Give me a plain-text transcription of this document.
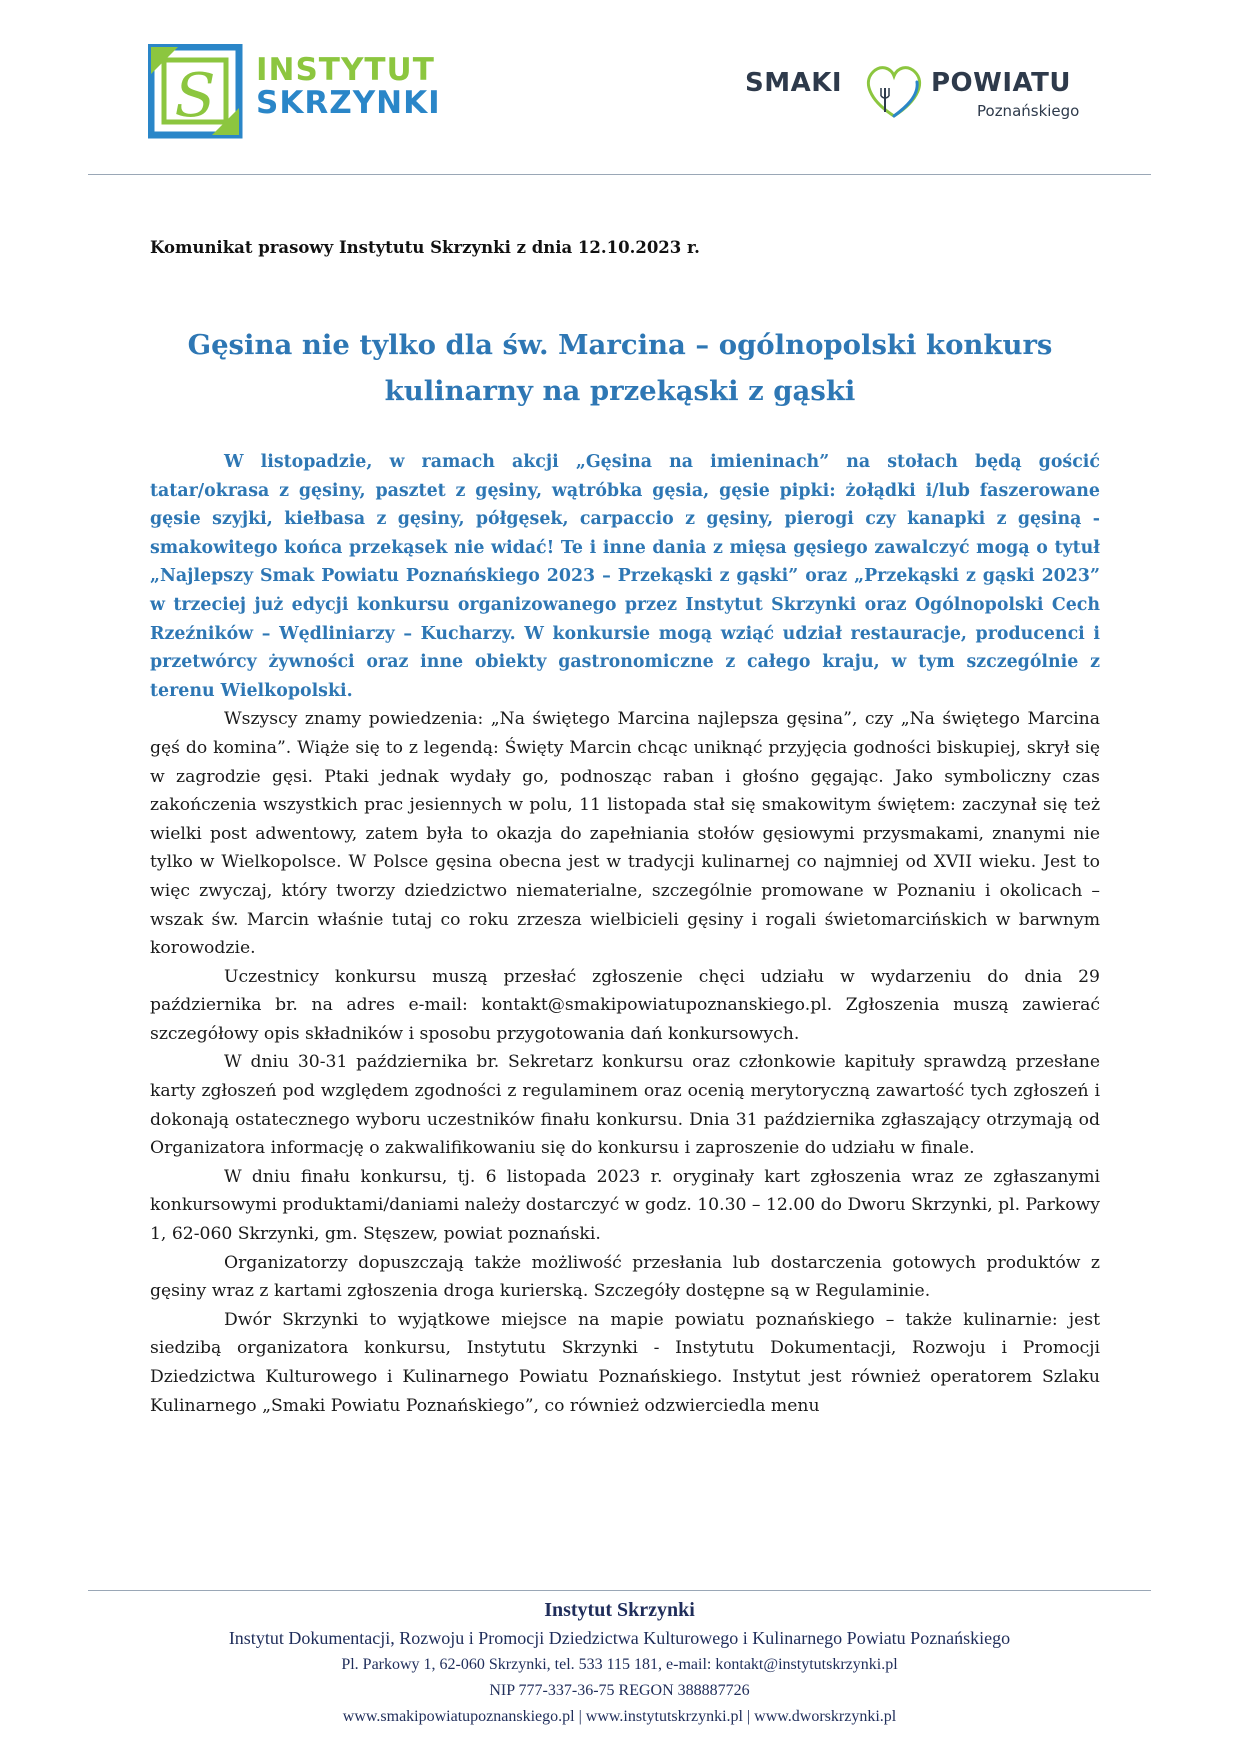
S INSTYTUT
SKRZYNKI
SMAKI	POWIATU
Poznańskiego
Komunikat prasowy Instytutu Skrzynki z dnia 12.10.2023 r.
Gęsina nie tylko dla św. Marcina – ogólnopolski konkurs kulinarny na przekąski z gąski

W listopadzie, w ramach akcji „Gęsina na imieninach” na stołach będą gościć tatar/okrasa z gęsiny, pasztet z gęsiny, wątróbka gęsia, gęsie pipki: żołądki i/lub faszerowane gęsie szyjki, kiełbasa z gęsiny, półgęsek, carpaccio z gęsiny, pierogi czy kanapki z gęsiną - smakowitego końca przekąsek nie widać! Te i inne dania z mięsa gęsiego zawalczyć mogą o tytuł „Najlepszy Smak Powiatu Poznańskiego 2023 – Przekąski z gąski” oraz „Przekąski z gąski 2023” w trzeciej już edycji konkursu organizowanego przez Instytut Skrzynki oraz Ogólnopolski Cech Rzeźników – Wędliniarzy – Kucharzy. W konkursie mogą wziąć udział restauracje, producenci i przetwórcy żywności oraz inne obiekty gastronomiczne z całego kraju, w tym szczególnie z terenu Wielkopolski.

Wszyscy znamy powiedzenia: „Na świętego Marcina najlepsza gęsina”, czy „Na świętego Marcina gęś do komina”. Wiąże się to z legendą: Święty Marcin chcąc uniknąć przyjęcia godności biskupiej, skrył się w zagrodzie gęsi. Ptaki jednak wydały go, podnosząc raban i głośno gęgając. Jako symboliczny czas zakończenia wszystkich prac jesiennych w polu, 11 listopada stał się smakowitym świętem: zaczynał się też wielki post adwentowy, zatem była to okazja do zapełniania stołów gęsiowymi przysmakami, znanymi nie tylko w Wielkopolsce. W Polsce gęsina obecna jest w tradycji kulinarnej co najmniej od XVII wieku. Jest to więc zwyczaj, który tworzy dziedzictwo niematerialne, szczególnie promowane w Poznaniu i okolicach – wszak św. Marcin właśnie tutaj co roku zrzesza wielbicieli gęsiny i rogali świetomarcińskich w barwnym korowodzie.

Uczestnicy konkursu muszą przesłać zgłoszenie chęci udziału w wydarzeniu do dnia 29 października br. na adres e-mail: kontakt@smakipowiatupoznanskiego.pl. Zgłoszenia muszą zawierać szczegółowy opis składników i sposobu przygotowania dań konkursowych.

W dniu 30-31 października br. Sekretarz konkursu oraz członkowie kapituły sprawdzą przesłane karty zgłoszeń pod względem zgodności z regulaminem oraz ocenią merytoryczną zawartość tych zgłoszeń i dokonają ostatecznego wyboru uczestników finału konkursu. Dnia 31 października zgłaszający otrzymają od Organizatora informację o zakwalifikowaniu się do konkursu i zaproszenie do udziału w finale.

W dniu finału konkursu, tj. 6 listopada 2023 r. oryginały kart zgłoszenia wraz ze zgłaszanymi konkursowymi produktami/daniami należy dostarczyć w godz. 10.30 – 12.00 do Dworu Skrzynki, pl. Parkowy 1, 62-060 Skrzynki, gm. Stęszew, powiat poznański.

Organizatorzy dopuszczają także możliwość przesłania lub dostarczenia gotowych produktów z gęsiny wraz z kartami zgłoszenia droga kurierską. Szczegóły dostępne są w Regulaminie.

Dwór Skrzynki to wyjątkowe miejsce na mapie powiatu poznańskiego – także kulinarnie: jest siedzibą organizatora konkursu, Instytutu Skrzynki - Instytutu Dokumentacji, Rozwoju i Promocji Dziedzictwa Kulturowego i Kulinarnego Powiatu Poznańskiego. Instytut jest również operatorem Szlaku Kulinarnego „Smaki Powiatu Poznańskiego”, co również odzwierciedla menu

Instytut Skrzynki
Instytut Dokumentacji, Rozwoju i Promocji Dziedzictwa Kulturowego i Kulinarnego Powiatu Poznańskiego
Pl. Parkowy 1, 62-060 Skrzynki, tel. 533 115 181, e-mail: kontakt@instytutskrzynki.pl
NIP 777-337-36-75 REGON 388887726
www.smakipowiatupoznanskiego.pl | www.instytutskrzynki.pl | www.dworskrzynki.pl
